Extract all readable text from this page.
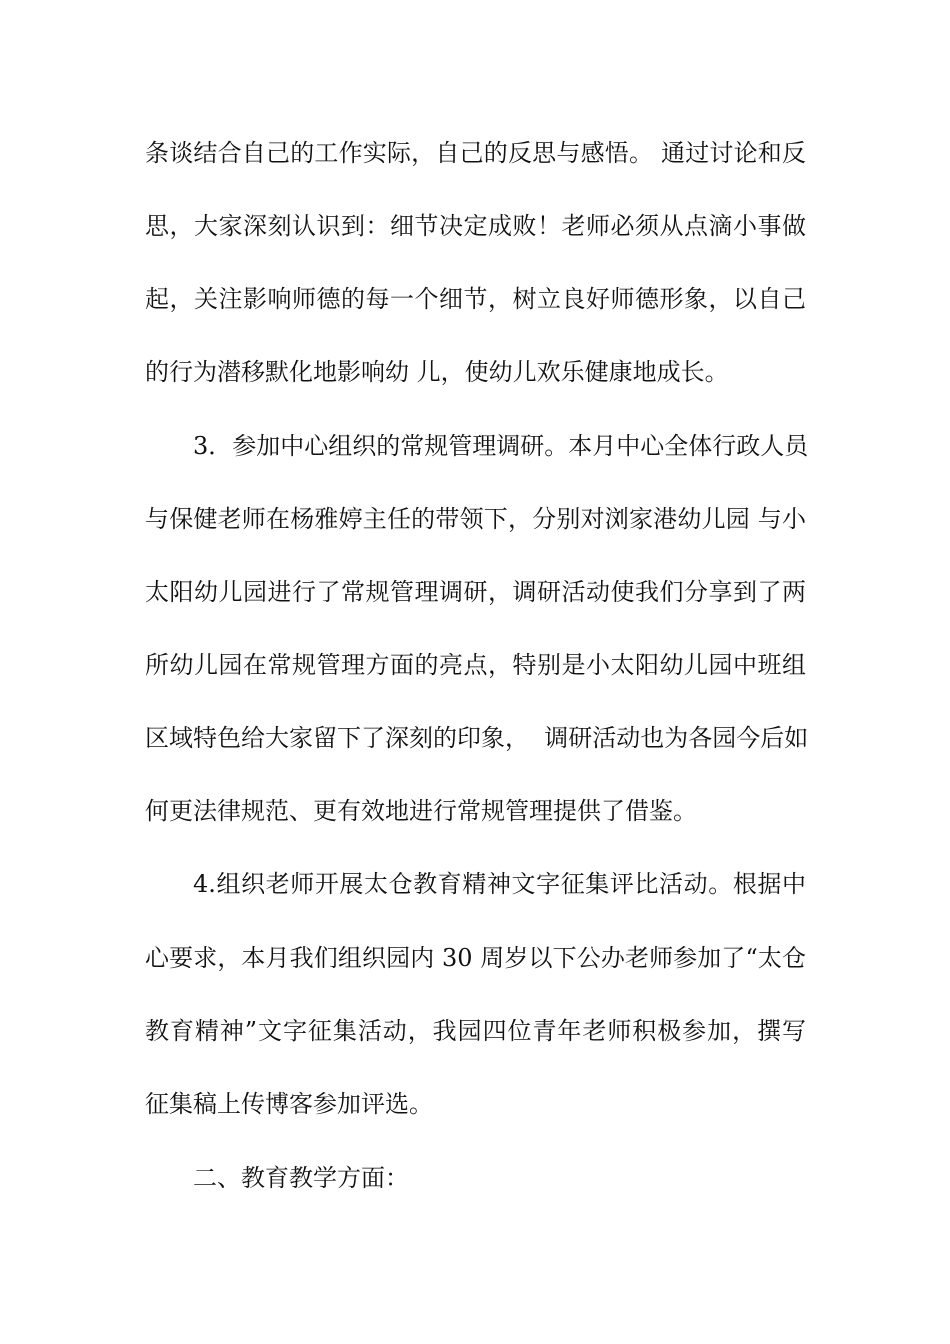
条谈结合自己的工作实际，自己的反思与感悟。 通过讨论和反
思，大家深刻认识到：细节决定成败！老师必须从点滴小事做
起，关注影响师德的每一个细节，树立良好师德形象，以自己
的行为潜移默化地影响幼 儿，使幼儿欢乐健康地成长。
3．参加中心组织的常规管理调研。本月中心全体行政人员
与保健老师在杨雅婷主任的带领下，分别对浏家港幼儿园 与小
太阳幼儿园进行了常规管理调研，调研活动使我们分享到了两
所幼儿园在常规管理方面的亮点，特别是小太阳幼儿园中班组
区域特色给大家留下了深刻的印象，  调研活动也为各园今后如
何更法律规范、更有效地进行常规管理提供了借鉴。
4.组织老师开展太仓教育精神文字征集评比活动。根据中
心要求，本月我们组织园内 30 周岁以下公办老师参加了“太仓
教育精神”文字征集活动，我园四位青年老师积极参加，撰写
征集稿上传博客参加评选。
二、教育教学方面：
